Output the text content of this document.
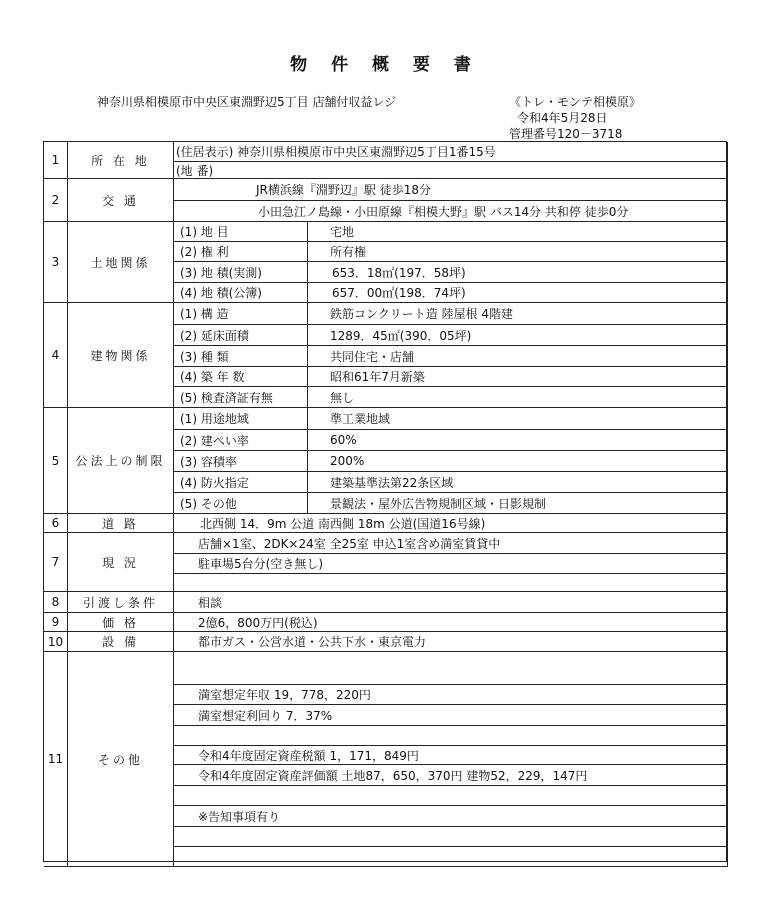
物 件 概 要 書
神奈川県相模原市中央区東淵野辺5丁目 店舗付収益レジ	《トレ・モンテ相模原》
令和4年5月28日
管理番号120－3718
1	所 在 地
(住居表示) 神奈川県相模原市中央区東淵野辺5丁目1番15号
(地 番)
2	交 通
JR横浜線『淵野辺』駅 徒歩18分
小田急江ノ島線・小田原線『相模大野』駅 バス14分 共和停 徒歩0分
3	土地関係
(1) 地 目	宅地
(2) 権 利	所有権
(3) 地 積(実測)	653．18㎡(197．58坪)
(4) 地 積(公簿)	657．00㎡(198．74坪)
4	建物関係
(1) 構 造	鉄筋コンクリート造 陸屋根 4階建
(2) 延床面積	1289．45㎡(390．05坪)
(3) 種 類	共同住宅・店舗
(4) 築 年 数	昭和61年7月新築
(5) 検査済証有無	無し
5	公法上の制限
(1) 用途地域	準工業地域
(2) 建ぺい率	60%
(3) 容積率	200%
(4) 防火指定	建築基準法第22条区域
(5) その他	景観法・屋外広告物規制区域・日影規制
6	道 路	北西側 14．9m 公道 南西側 18m 公道(国道16号線)
7	現 況
店舗×1室、2DK×24室 全25室 申込1室含め満室賃貸中
駐車場5台分(空き無し)
8	引渡し条件	相談
9	価 格	2億6，800万円(税込)
10	設 備	都市ガス・公営水道・公共下水・東京電力
11	その他
満室想定年収 19，778，220円
満室想定利回り 7．37%
令和4年度固定資産税額 1，171，849円
令和4年度固定資産評価額 土地87，650，370円 建物52，229，147円
※告知事項有り
